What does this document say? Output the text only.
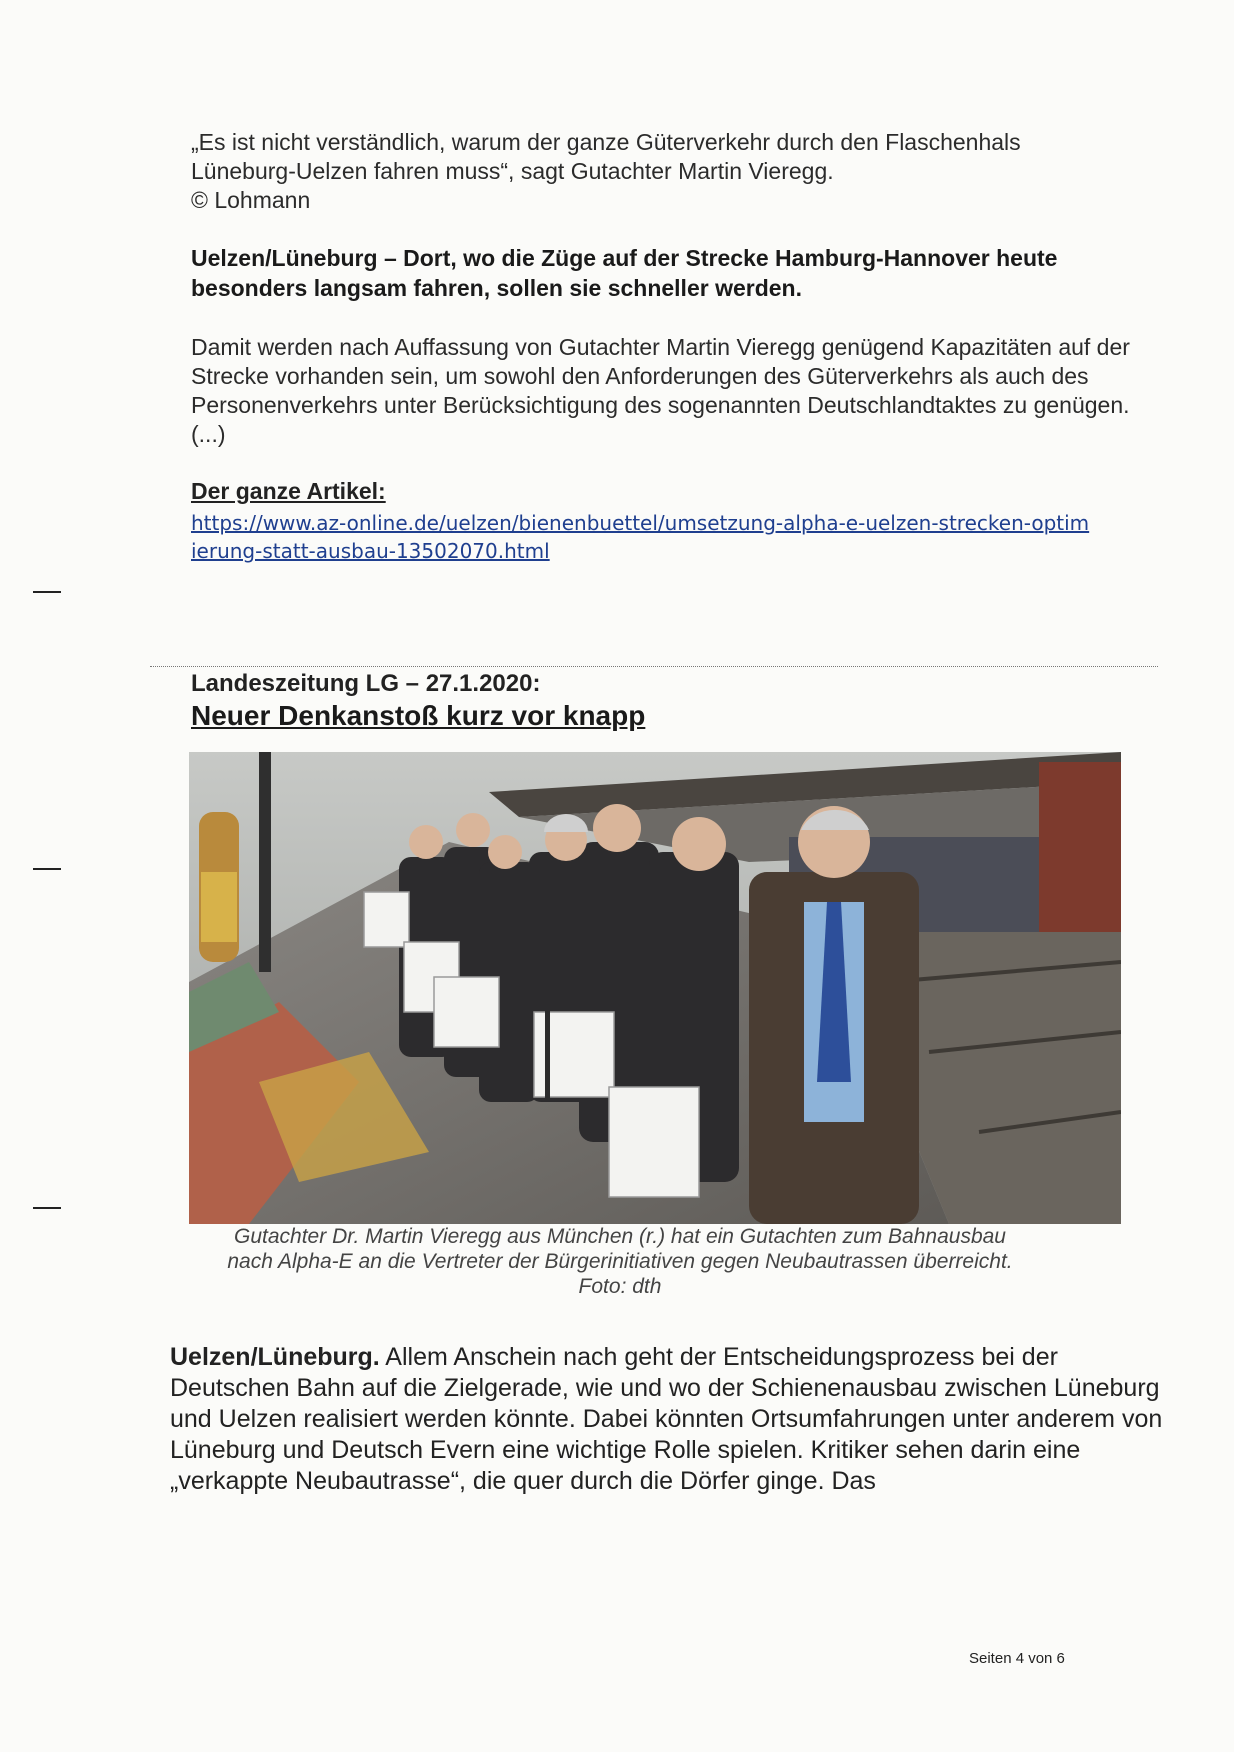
„Es ist nicht verständlich, warum der ganze Güterverkehr durch den Flaschenhals

Lüneburg-Uelzen fahren muss“, sagt Gutachter Martin Vieregg.

© Lohmann

Uelzen/Lüneburg – Dort, wo die Züge auf der Strecke Hamburg-Hannover heute besonders langsam fahren, sollen sie schneller werden.

Damit werden nach Auffassung von Gutachter Martin Vieregg genügend Kapazitäten auf der Strecke vorhanden sein, um sowohl den Anforderungen des Güterverkehrs als auch des Personenverkehrs unter Berücksichtigung des sogenannten Deutschlandtaktes zu genügen. (...)

Der ganze Artikel:
https://www.az-online.de/uelzen/bienenbuettel/umsetzung-alpha-e-uelzen-strecken-optimierung-statt-ausbau-13502070.html
Landeszeitung LG – 27.1.2020:
Neuer Denkanstoß kurz vor knapp
Gutachter Dr. Martin Vieregg aus München (r.) hat ein Gutachten zum Bahnausbau
nach Alpha-E an die Vertreter der Bürgerinitiativen gegen Neubautrassen überreicht.
Foto: dth

Uelzen/Lüneburg. Allem Anschein nach geht der Entscheidungsprozess bei der Deutschen Bahn auf die Zielgerade, wie und wo der Schienenausbau zwischen Lüneburg und Uelzen realisiert werden könnte. Dabei könnten Ortsumfahrungen unter anderem von Lüneburg und Deutsch Evern eine wichtige Rolle spielen. Kritiker sehen darin eine „verkappte Neubautrasse“, die quer durch die Dörfer ginge. Das

Seiten 4 von 6
